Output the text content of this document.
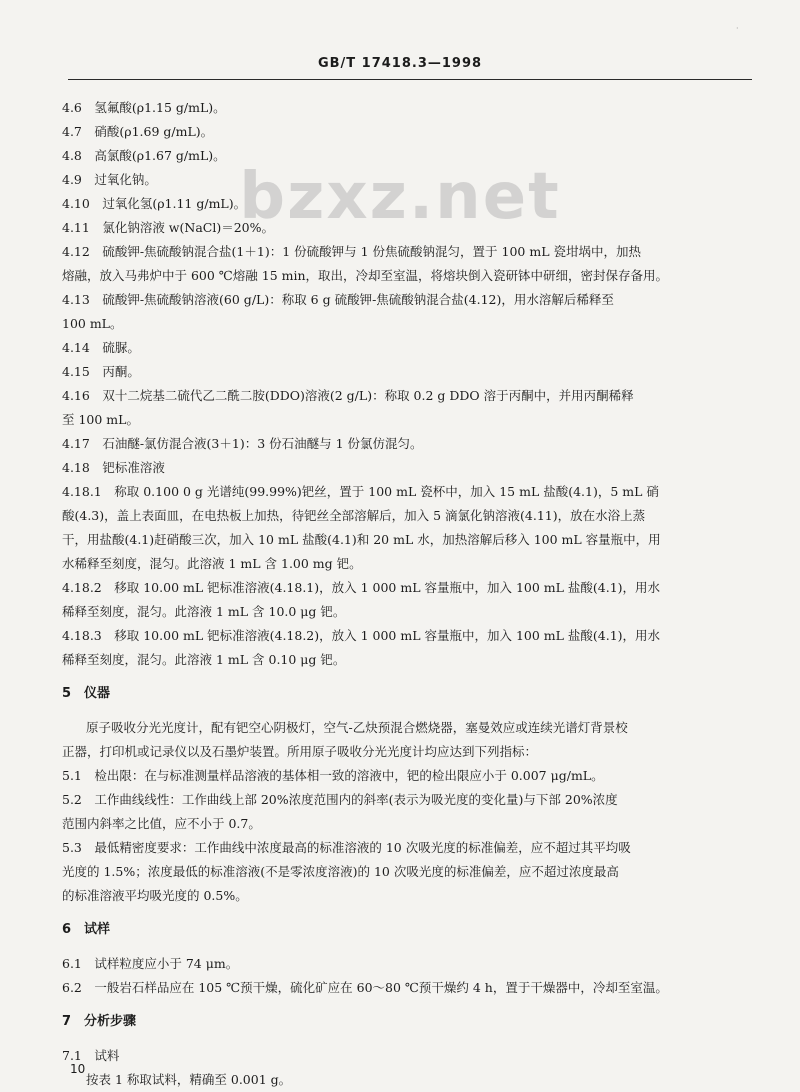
·
GB/T 17418.3—1998
bzxz.net
4.6　氢氟酸(ρ1.15 g/mL)。
4.7　硝酸(ρ1.69 g/mL)。
4.8　高氯酸(ρ1.67 g/mL)。
4.9　过氧化钠。
4.10　过氧化氢(ρ1.11 g/mL)。
4.11　氯化钠溶液 w(NaCl)＝20%。
4.12　硫酸钾-焦硫酸钠混合盐(1＋1)：1 份硫酸钾与 1 份焦硫酸钠混匀，置于 100 mL 瓷坩埚中，加热
熔融，放入马弗炉中于 600 ℃熔融 15 min，取出，冷却至室温，将熔块倒入瓷研钵中研细，密封保存备用。
4.13　硫酸钾-焦硫酸钠溶液(60 g/L)：称取 6 g 硫酸钾-焦硫酸钠混合盐(4.12)，用水溶解后稀释至
100 mL。
4.14　硫脲。
4.15　丙酮。
4.16　双十二烷基二硫代乙二酰二胺(DDO)溶液(2 g/L)：称取 0.2 g DDO 溶于丙酮中，并用丙酮稀释
至 100 mL。
4.17　石油醚-氯仿混合液(3＋1)：3 份石油醚与 1 份氯仿混匀。
4.18　钯标准溶液
4.18.1　称取 0.100 0 g 光谱纯(99.99%)钯丝，置于 100 mL 瓷杯中，加入 15 mL 盐酸(4.1)，5 mL 硝
酸(4.3)，盖上表面皿，在电热板上加热，待钯丝全部溶解后，加入 5 滴氯化钠溶液(4.11)，放在水浴上蒸
干，用盐酸(4.1)赶硝酸三次，加入 10 mL 盐酸(4.1)和 20 mL 水，加热溶解后移入 100 mL 容量瓶中，用
水稀释至刻度，混匀。此溶液 1 mL 含 1.00 mg 钯。
4.18.2　移取 10.00 mL 钯标准溶液(4.18.1)，放入 1 000 mL 容量瓶中，加入 100 mL 盐酸(4.1)，用水
稀释至刻度，混匀。此溶液 1 mL 含 10.0 μg 钯。
4.18.3　移取 10.00 mL 钯标准溶液(4.18.2)，放入 1 000 mL 容量瓶中，加入 100 mL 盐酸(4.1)，用水
稀释至刻度，混匀。此溶液 1 mL 含 0.10 μg 钯。
5　仪器
原子吸收分光光度计，配有钯空心阴极灯，空气-乙炔预混合燃烧器，塞曼效应或连续光谱灯背景校
正器，打印机或记录仪以及石墨炉装置。所用原子吸收分光光度计均应达到下列指标：
5.1　检出限：在与标准测量样品溶液的基体相一致的溶液中，钯的检出限应小于 0.007 μg/mL。
5.2　工作曲线线性：工作曲线上部 20%浓度范围内的斜率(表示为吸光度的变化量)与下部 20%浓度
范围内斜率之比值，应不小于 0.7。
5.3　最低精密度要求：工作曲线中浓度最高的标准溶液的 10 次吸光度的标准偏差，应不超过其平均吸
光度的 1.5%；浓度最低的标准溶液(不是零浓度溶液)的 10 次吸光度的标准偏差，应不超过浓度最高
的标准溶液平均吸光度的 0.5%。
6　试样
6.1　试样粒度应小于 74 μm。
6.2　一般岩石样品应在 105 ℃预干燥，硫化矿应在 60～80 ℃预干燥约 4 h，置于干燥器中，冷却至室温。
7　分析步骤
7.1　试料
按表 1 称取试料，精确至 0.001 g。
10
